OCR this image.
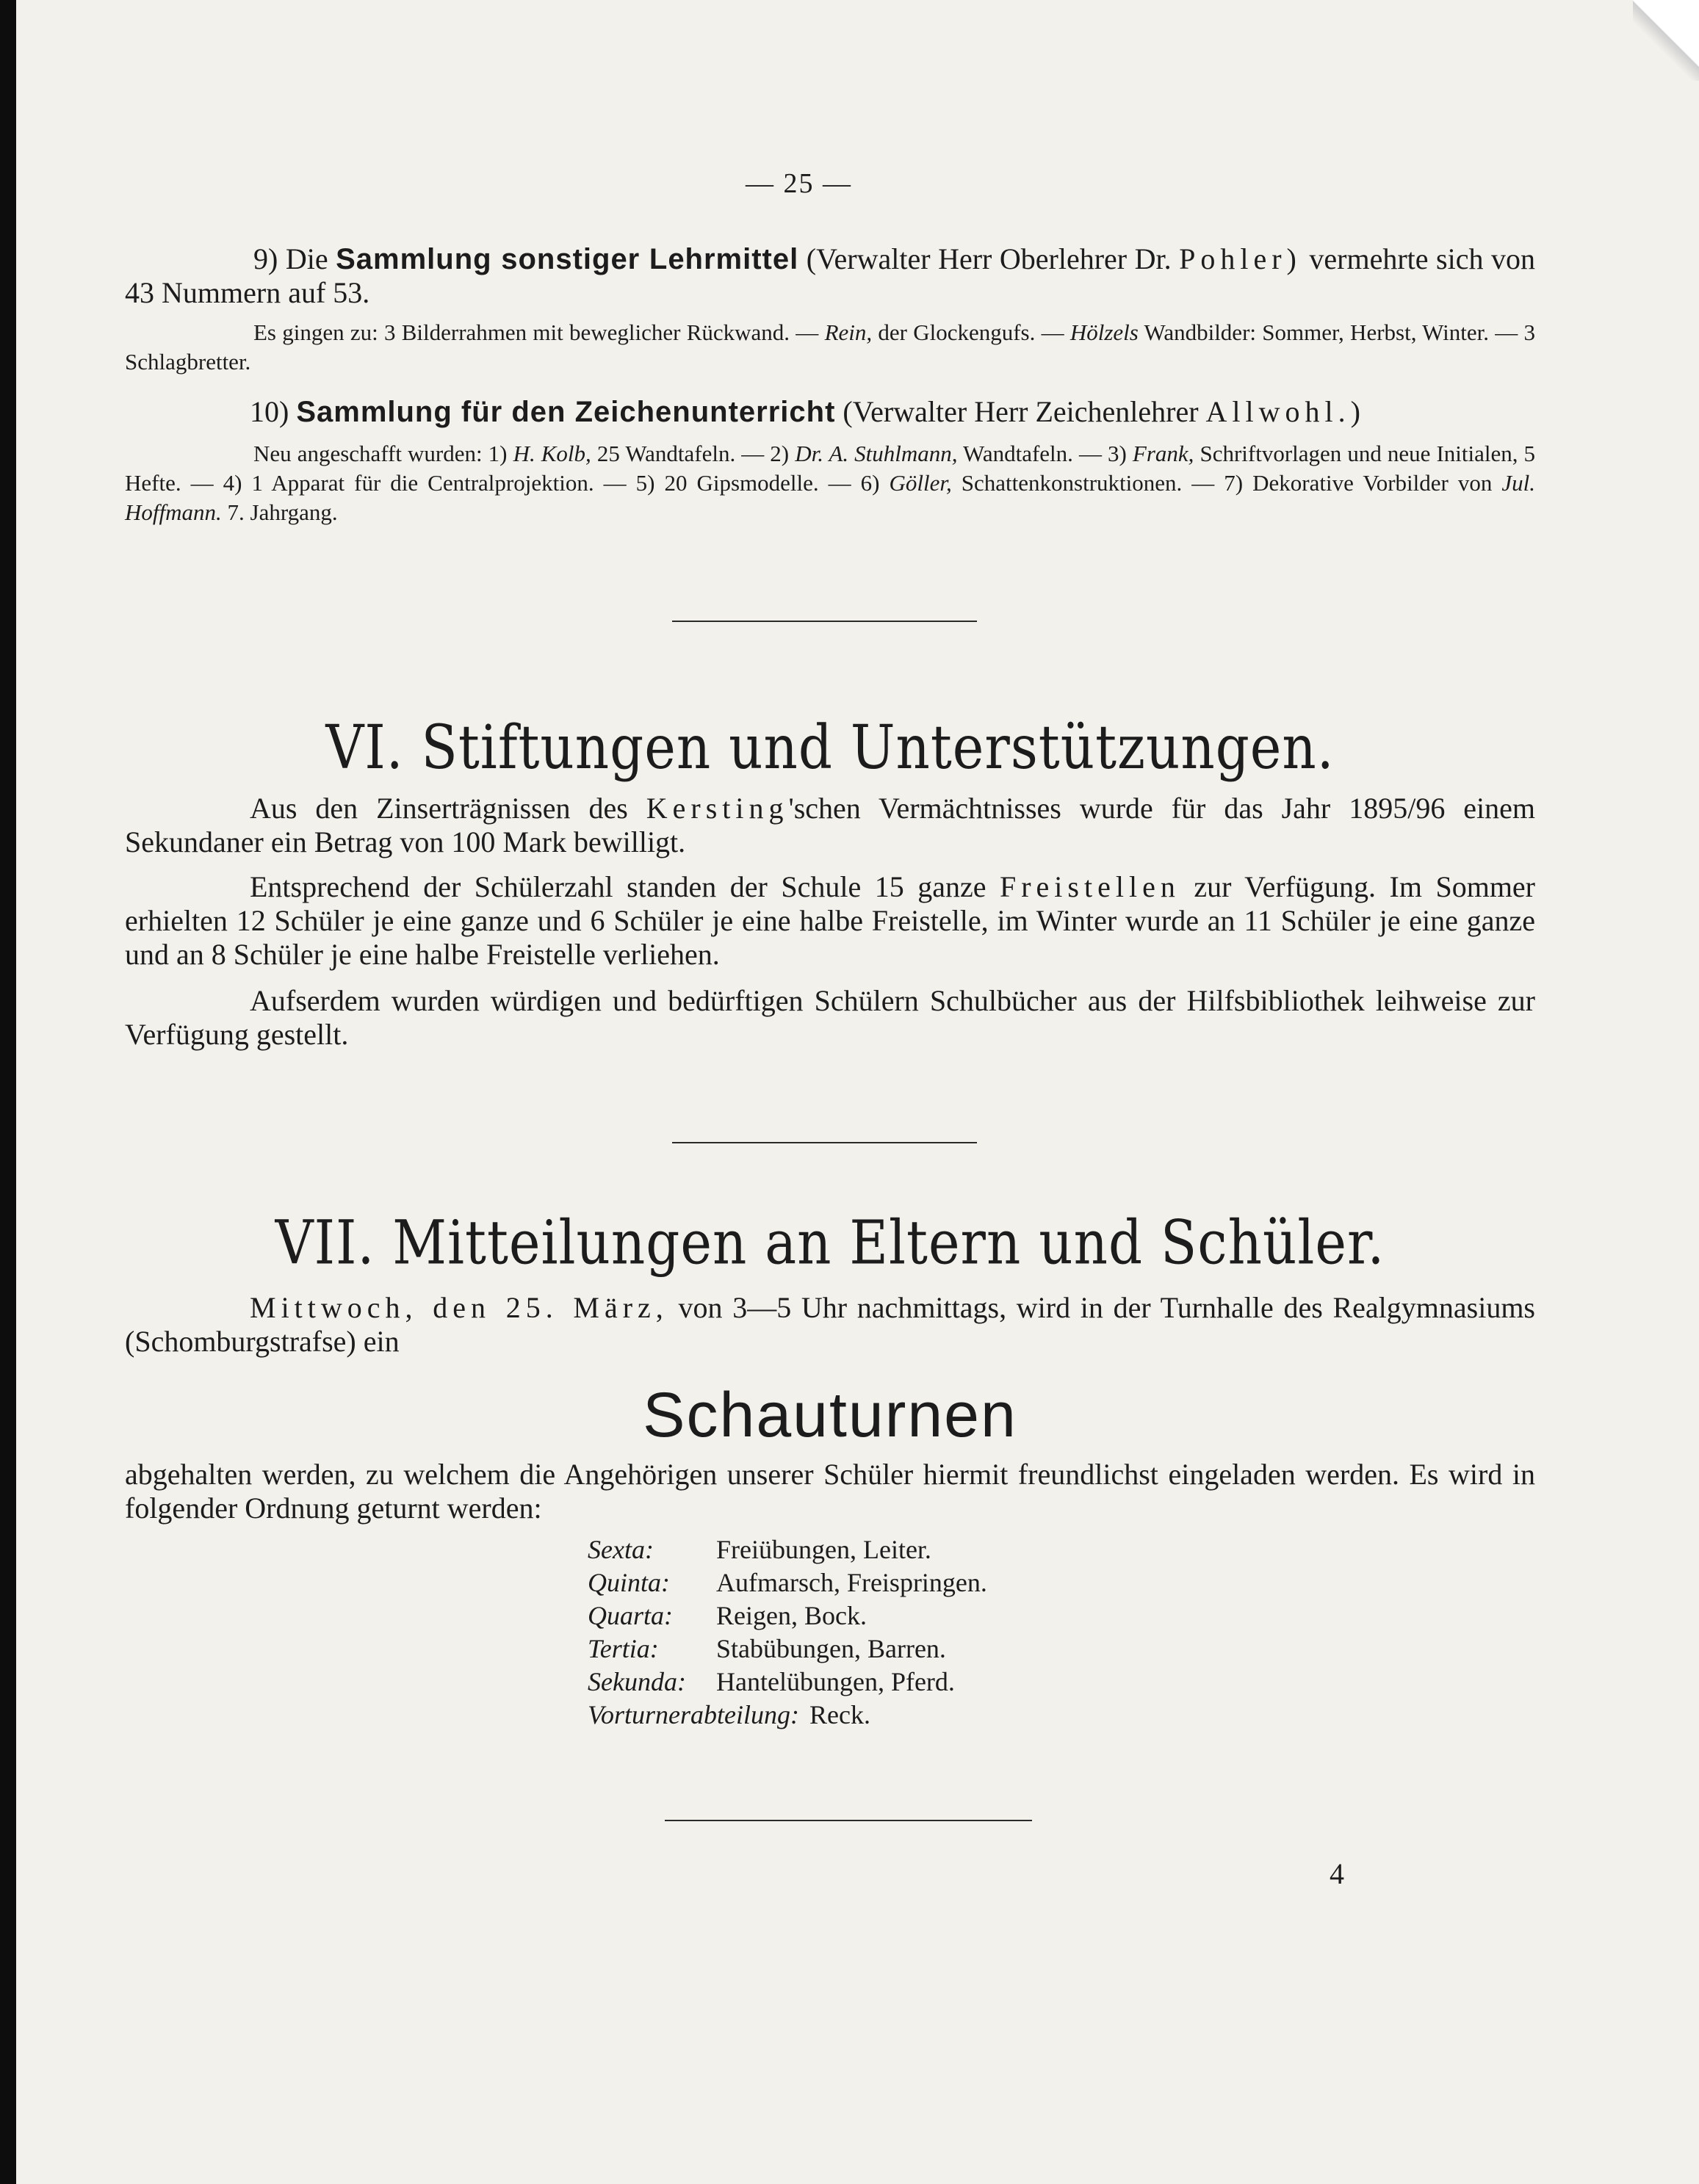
— 25 —
9) Die Sammlung sonstiger Lehrmittel (Verwalter Herr Oberlehrer Dr. Pohler) vermehrte sich von 43 Nummern auf 53.
Es gingen zu: 3 Bilderrahmen mit beweglicher Rückwand. — Rein, der Glockengufs. — Hölzels Wandbilder: Sommer, Herbst, Winter. — 3 Schlagbretter.
10) Sammlung für den Zeichenunterricht (Verwalter Herr Zeichenlehrer Allwohl.)
Neu angeschafft wurden: 1) H. Kolb, 25 Wandtafeln. — 2) Dr. A. Stuhlmann, Wandtafeln. — 3) Frank, Schriftvorlagen und neue Initialen, 5 Hefte. — 4) 1 Apparat für die Centralprojektion. — 5) 20 Gipsmodelle. — 6) Göller, Schattenkonstruktionen. — 7) Dekorative Vorbilder von Jul. Hoffmann. 7. Jahrgang.
VI. Stiftungen und Unterstützungen.
Aus den Zinserträgnissen des Kersting'schen Vermächtnisses wurde für das Jahr 1895/96 einem Sekundaner ein Betrag von 100 Mark bewilligt.
Entsprechend der Schülerzahl standen der Schule 15 ganze Freistellen zur Verfügung. Im Sommer erhielten 12 Schüler je eine ganze und 6 Schüler je eine halbe Freistelle, im Winter wurde an 11 Schüler je eine ganze und an 8 Schüler je eine halbe Freistelle verliehen.
Aufserdem wurden würdigen und bedürftigen Schülern Schulbücher aus der Hilfsbibliothek leihweise zur Verfügung gestellt.
VII. Mitteilungen an Eltern und Schüler.
Mittwoch, den 25. März, von 3—5 Uhr nachmittags, wird in der Turnhalle des Realgymnasiums (Schomburgstrafse) ein
Schauturnen
abgehalten werden, zu welchem die Angehörigen unserer Schüler hiermit freundlichst eingeladen werden. Es wird in folgender Ordnung geturnt werden:
Sexta: Freiübungen, Leiter.
Quinta: Aufmarsch, Freispringen.
Quarta: Reigen, Bock.
Tertia: Stabübungen, Barren.
Sekunda: Hantelübungen, Pferd.
Vorturnerabteilung: Reck.
4
